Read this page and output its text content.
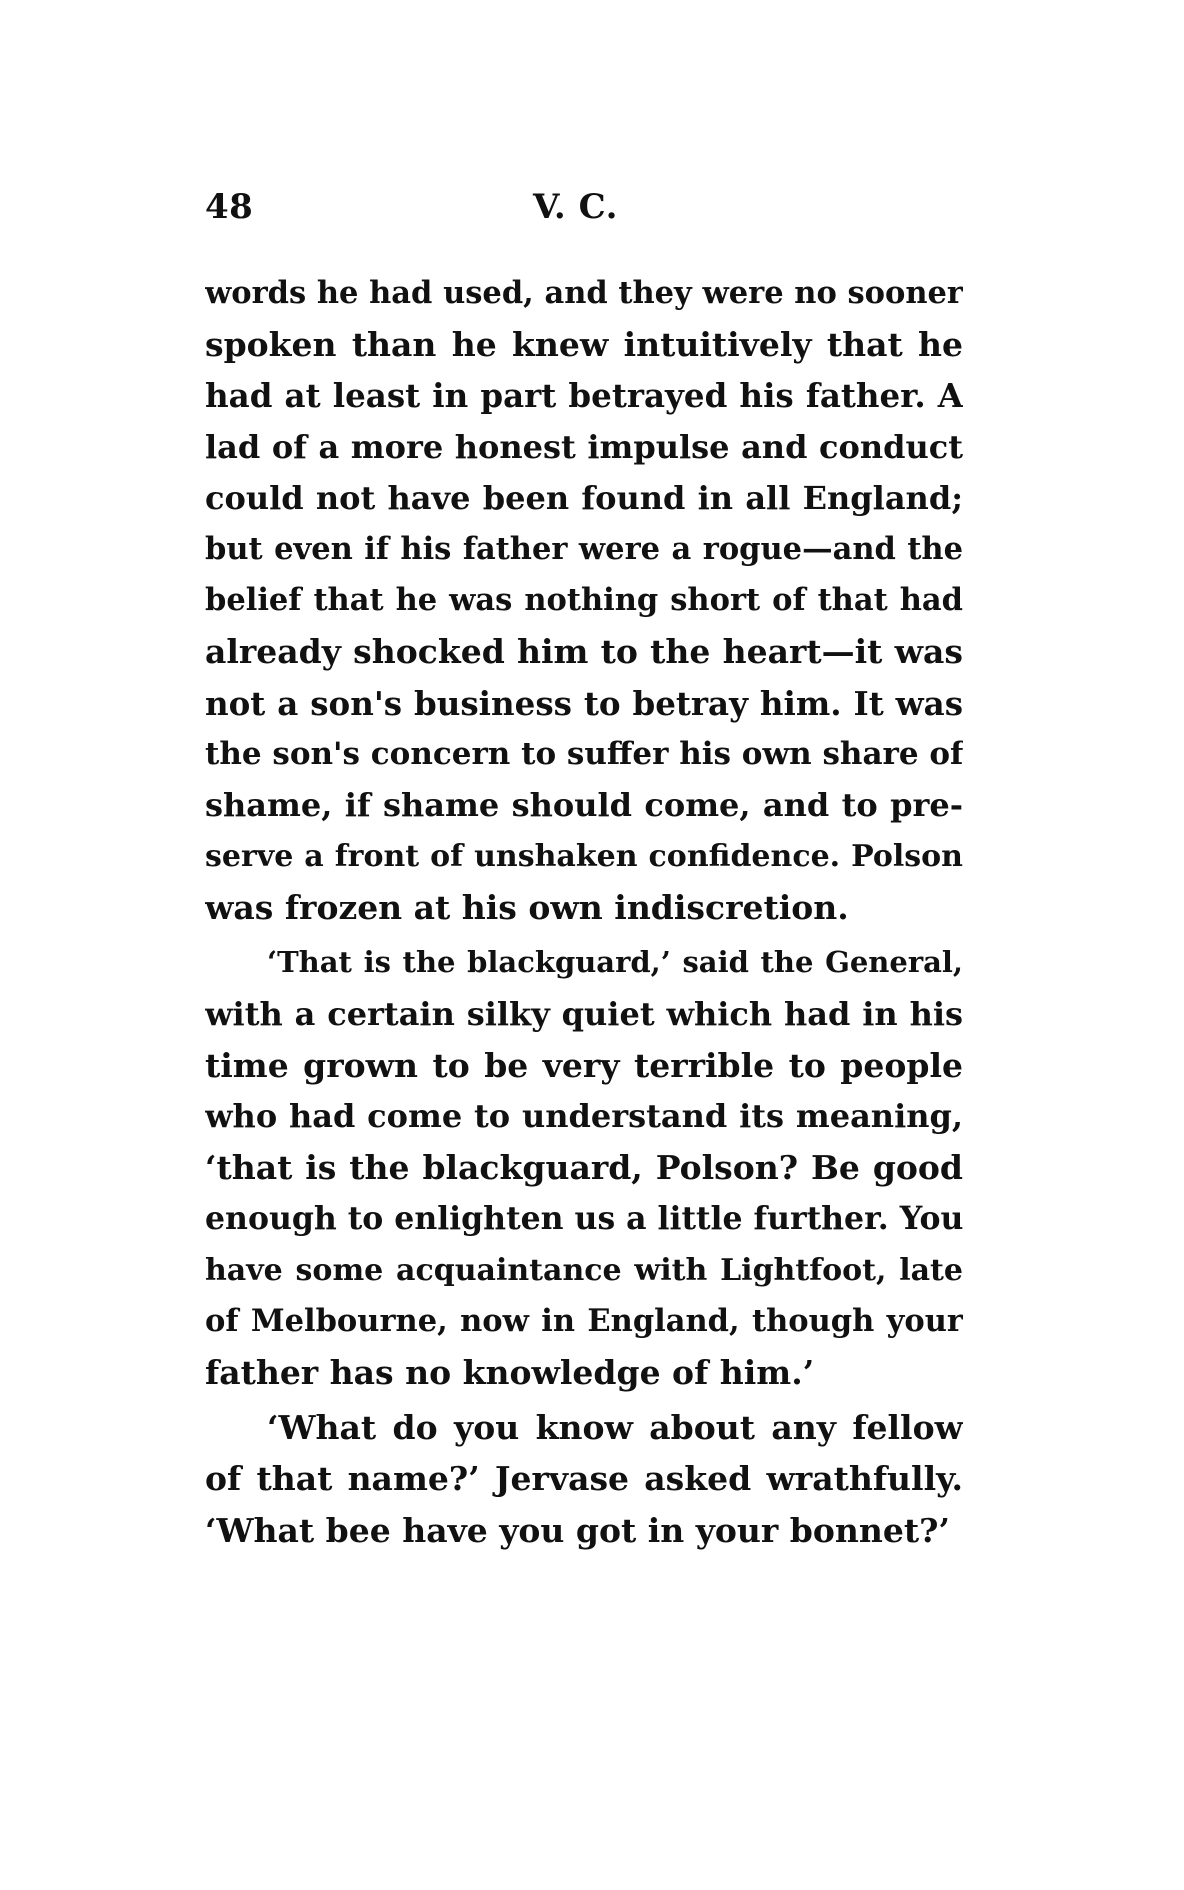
48	V. C.
words he had used, and they were no sooner
spoken than he knew intuitively that he
had at least in part betrayed his father. A
lad of a more honest impulse and conduct
could not have been found in all England;
but even if his father were a rogue—and the
belief that he was nothing short of that had
already shocked him to the heart—it was
not a son's business to betray him. It was
the son's concern to suffer his own share of
shame, if shame should come, and to pre-
serve a front of unshaken confidence. Polson
was frozen at his own indiscretion.
‘That is the blackguard,’ said the General,
with a certain silky quiet which had in his
time grown to be very terrible to people
who had come to understand its meaning,
‘that is the blackguard, Polson? Be good
enough to enlighten us a little further. You
have some acquaintance with Lightfoot, late
of Melbourne, now in England, though your
father has no knowledge of him.’
‘What do you know about any fellow
of that name?’ Jervase asked wrathfully.
‘What bee have you got in your bonnet?’
